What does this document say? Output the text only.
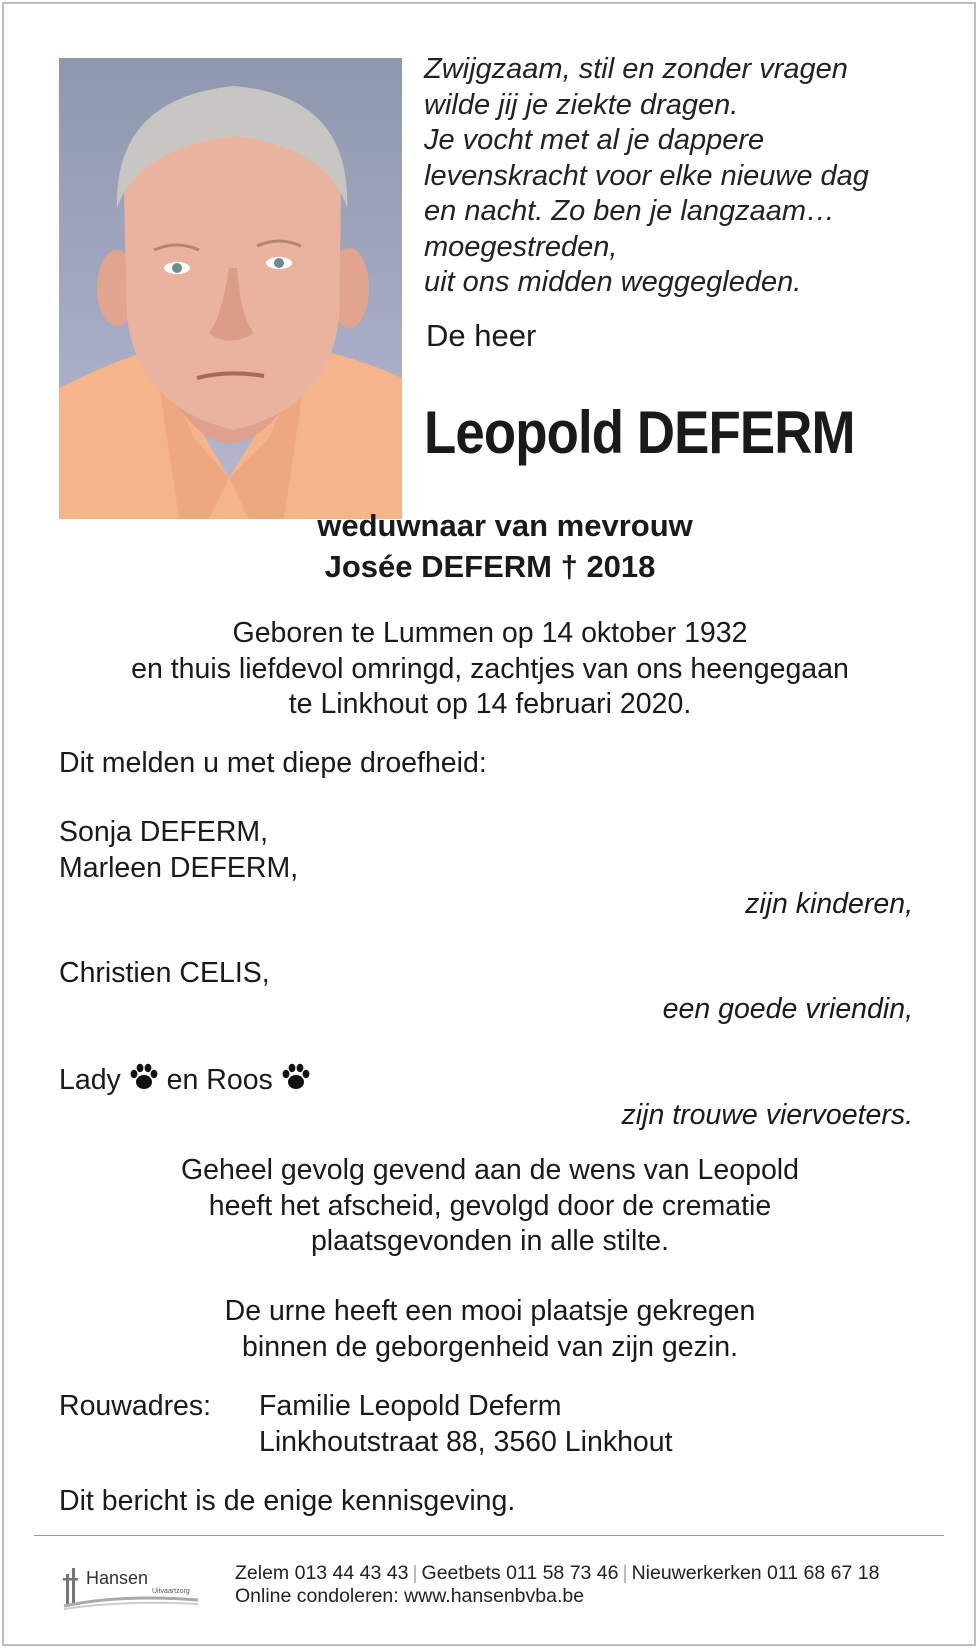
Zwijgzaam, stil en zonder vragen
wilde jij je ziekte dragen.
Je vocht met al je dappere
levenskracht voor elke nieuwe dag
en nacht. Zo ben je langzaam…
moegestreden,
uit ons midden weggegleden.
De heer
Leopold DEFERM
weduwnaar van mevrouw
Josée DEFERM † 2018
Geboren te Lummen op 14 oktober 1932
en thuis liefdevol omringd, zachtjes van ons heengegaan
te Linkhout op 14 februari 2020.
Dit melden u met diepe droefheid:
Sonja DEFERM,
Marleen DEFERM,
zijn kinderen,
Christien CELIS,
een goede vriendin,
Lady en Roos
zijn trouwe viervoeters.
Geheel gevolg gevend aan de wens van Leopold
heeft het afscheid, gevolgd door de crematie
plaatsgevonden in alle stilte.
De urne heeft een mooi plaatsje gekregen
binnen de geborgenheid van zijn gezin.
Rouwadres: Familie Leopold Deferm
Linkhoutstraat 88, 3560 Linkhout
Dit bericht is de enige kennisgeving.
Hansen
Uitvaartzorg
Zelem 013 44 43 43 | Geetbets 011 58 73 46 | Nieuwerkerken 011 68 67 18
Online condoleren: www.hansenbvba.be
